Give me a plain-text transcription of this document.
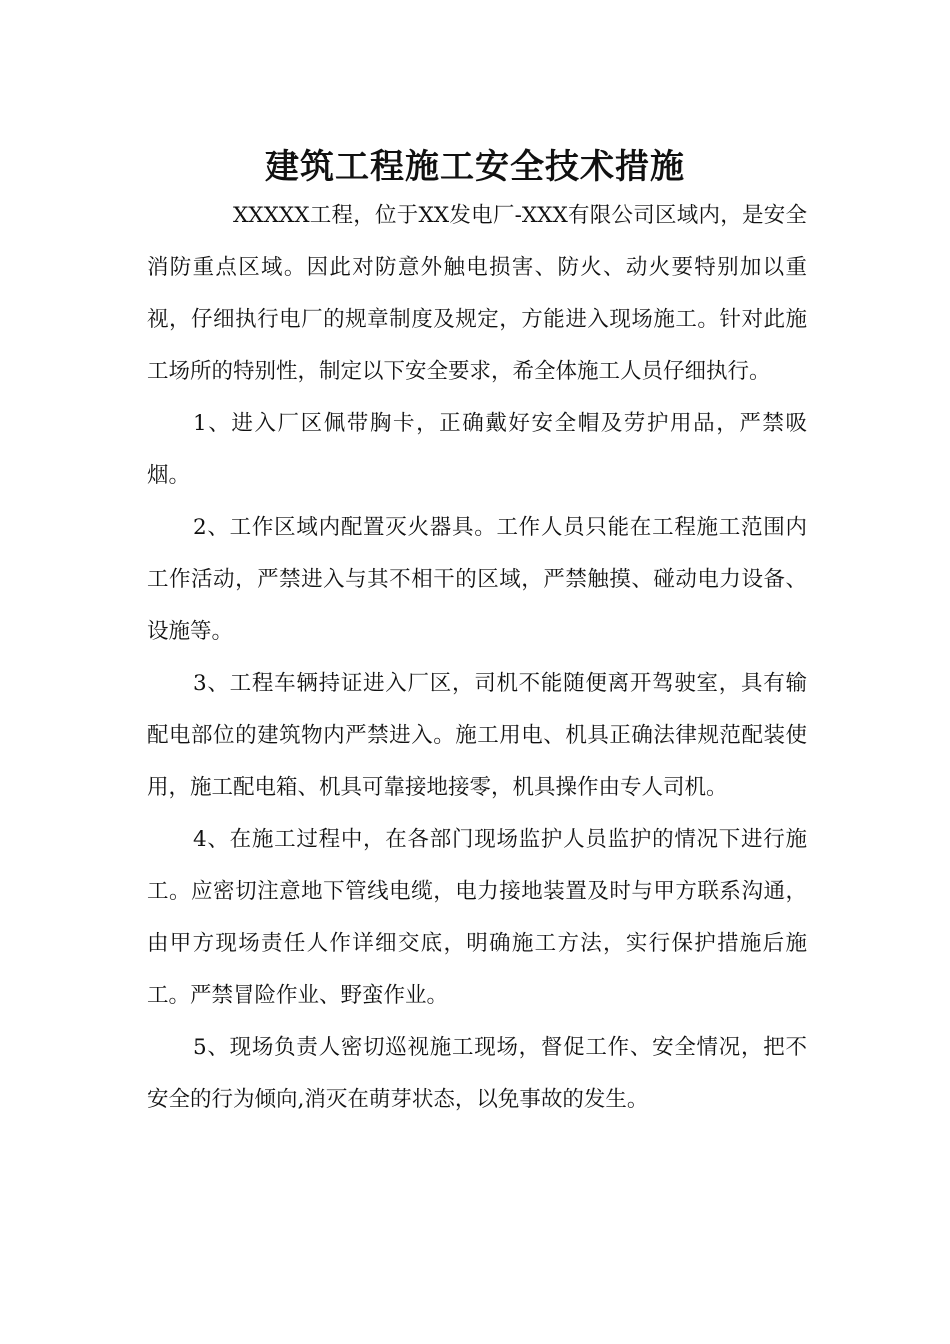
建筑工程施工安全技术措施

XXXXX工程，位于XX发电厂-XXX有限公司区域内，是安全消防重点区域。因此对防意外触电损害、防火、动火要特别加以重视，仔细执行电厂的规章制度及规定，方能进入现场施工。针对此施工场所的特别性，制定以下安全要求，希全体施工人员仔细执行。

1、进入厂区佩带胸卡，正确戴好安全帽及劳护用品，严禁吸烟。

2、工作区域内配置灭火器具。工作人员只能在工程施工范围内工作活动，严禁进入与其不相干的区域，严禁触摸、碰动电力设备、设施等。

3、工程车辆持证进入厂区，司机不能随便离开驾驶室，具有输配电部位的建筑物内严禁进入。施工用电、机具正确法律规范配装使用，施工配电箱、机具可靠接地接零，机具操作由专人司机。

4、在施工过程中，在各部门现场监护人员监护的情况下进行施工。应密切注意地下管线电缆，电力接地装置及时与甲方联系沟通，由甲方现场责任人作详细交底，明确施工方法，实行保护措施后施工。严禁冒险作业、野蛮作业。

5、现场负责人密切巡视施工现场，督促工作、安全情况，把不安全的行为倾向,消灭在萌芽状态，以免事故的发生。
